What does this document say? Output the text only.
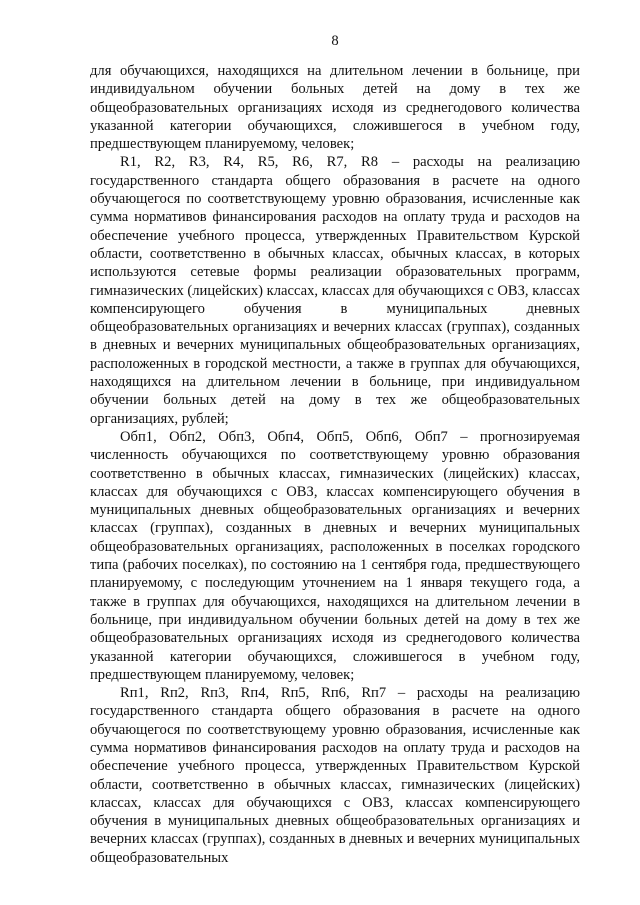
8

для обучающихся, находящихся на длительном лечении в больнице, при индивидуальном обучении больных детей на дому в тех же общеобразовательных организациях исходя из среднегодового количества указанной категории обучающихся, сложившегося в учебном году, предшествующем планируемому, человек;

R1, R2, R3, R4, R5, R6, R7, R8 – расходы на реализацию государственного стандарта общего образования в расчете на одного обучающегося по соответствующему уровню образования, исчисленные как сумма нормативов финансирования расходов на оплату труда и расходов на обеспечение учебного процесса, утвержденных Правительством Курской области, соответственно в обычных классах, обычных классах, в которых используются сетевые формы реализации образовательных программ, гимназических (лицейских) классах, классах для обучающихся с ОВЗ, классах компенсирующего обучения в муниципальных дневных общеобразовательных организациях и вечерних классах (группах), созданных в дневных и вечерних муниципальных общеобразовательных организациях, расположенных в городской местности, а также в группах для обучающихся, находящихся на длительном лечении в больнице, при индивидуальном обучении больных детей на дому в тех же общеобразовательных организациях, рублей;

Обп1, Обп2, Обп3, Обп4, Обп5, Обп6, Обп7 – прогнозируемая численность обучающихся по соответствующему уровню образования соответственно в обычных классах, гимназических (лицейских) классах, классах для обучающихся с ОВЗ, классах компенсирующего обучения в муниципальных дневных общеобразовательных организациях и вечерних классах (группах), созданных в дневных и вечерних муниципальных общеобразовательных организациях, расположенных в поселках городского типа (рабочих поселках), по состоянию на 1 сентября года, предшествующего планируемому, с последующим уточнением на 1 января текущего года, а также в группах для обучающихся, находящихся на длительном лечении в больнице, при индивидуальном обучении больных детей на дому в тех же общеобразовательных организациях исходя из среднегодового количества указанной категории обучающихся, сложившегося в учебном году, предшествующем планируемому, человек;

Rп1, Rп2, Rп3, Rп4, Rп5, Rп6, Rп7 – расходы на реализацию государственного стандарта общего образования в расчете на одного обучающегося по соответствующему уровню образования, исчисленные как сумма нормативов финансирования расходов на оплату труда и расходов на обеспечение учебного процесса, утвержденных Правительством Курской области, соответственно в обычных классах, гимназических (лицейских) классах, классах для обучающихся с ОВЗ, классах компенсирующего обучения в муниципальных дневных общеобразовательных организациях и вечерних классах (группах), созданных в дневных и вечерних муниципальных общеобразовательных
